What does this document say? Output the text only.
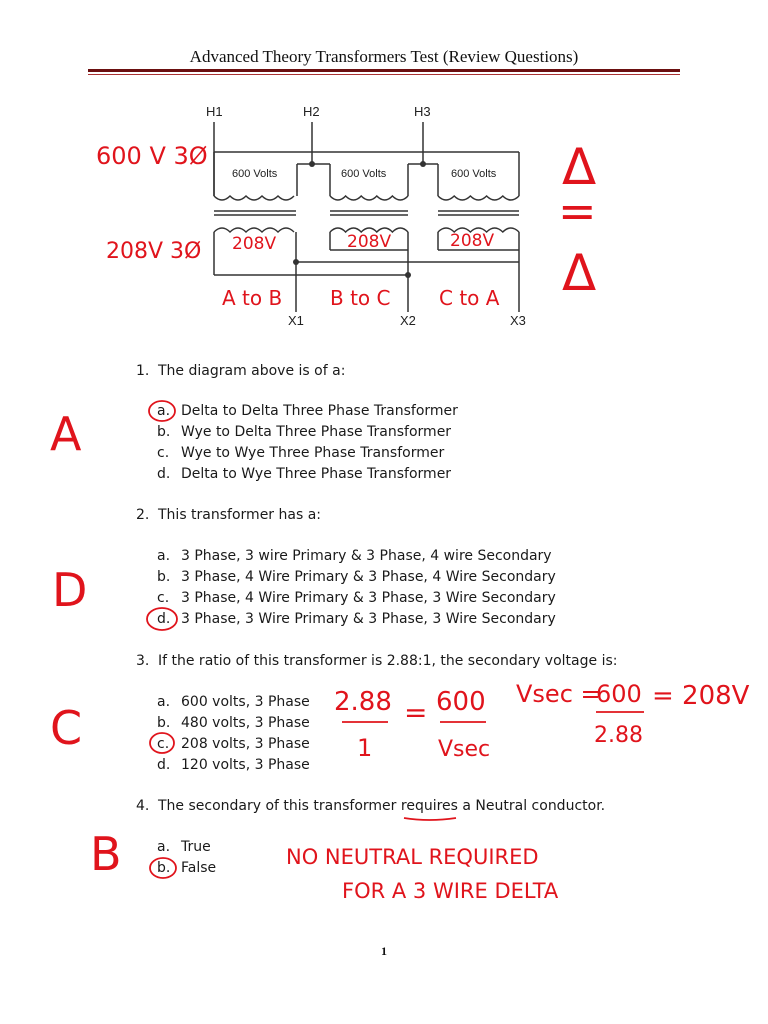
Advanced Theory Transformers Test (Review Questions)
H1	H2	H3
X1	X2	X3
600 Volts	600 Volts	600 Volts
600 V 3Ø
208V 3Ø 208V	208V	208V
A to B B to C C to A
Δ
=
Δ
A
D
C
B
2.88
1
= 600
Vsec
Vsec =
600
2.88
= 208V
NO NEUTRAL REQUIRED
FOR A 3 WIRE DELTA
1. The diagram above is of a:
a. Delta to Delta Three Phase Transformer
b. Wye to Delta Three Phase Transformer
c. Wye to Wye Three Phase Transformer
d. Delta to Wye Three Phase Transformer
2. This transformer has a:
a. 3 Phase, 3 wire Primary & 3 Phase, 4 wire Secondary
b. 3 Phase, 4 Wire Primary & 3 Phase, 4 Wire Secondary
c. 3 Phase, 4 Wire Primary & 3 Phase, 3 Wire Secondary
d. 3 Phase, 3 Wire Primary & 3 Phase, 3 Wire Secondary
3. If the ratio of this transformer is 2.88:1, the secondary voltage is:
a. 600 volts, 3 Phase
b. 480 volts, 3 Phase
c. 208 volts, 3 Phase
d. 120 volts, 3 Phase
4. The secondary of this transformer requires a Neutral conductor.
a. True
b. False
1
